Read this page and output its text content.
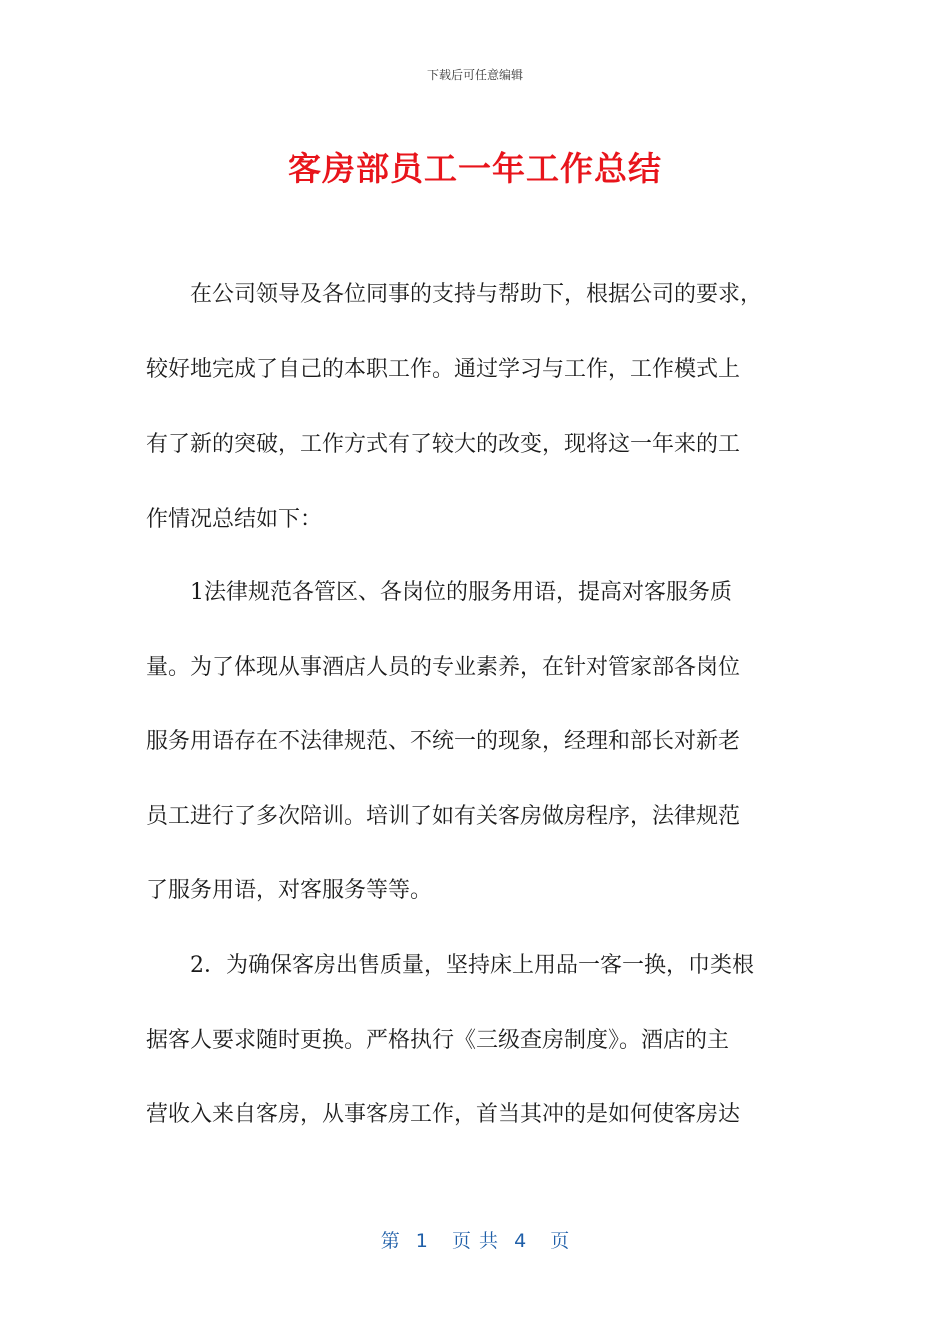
下载后可任意编辑
客房部员工一年工作总结
　　在公司领导及各位同事的支持与帮助下，根据公司的要求，
较好地完成了自己的本职工作。通过学习与工作，工作模式上
有了新的突破，工作方式有了较大的改变，现将这一年来的工
作情况总结如下：
　　1法律规范各管区、各岗位的服务用语，提高对客服务质
量。为了体现从事酒店人员的专业素养，在针对管家部各岗位
服务用语存在不法律规范、不统一的现象，经理和部长对新老
员工进行了多次陪训。培训了如有关客房做房程序，法律规范
了服务用语，对客服务等等。
　　2．为确保客房出售质量，坚持床上用品一客一换，巾类根
据客人要求随时更换。严格执行《三级查房制度》。酒店的主
营收入来自客房，从事客房工作，首当其冲的是如何使客房达
第  1   页 共  4   页
